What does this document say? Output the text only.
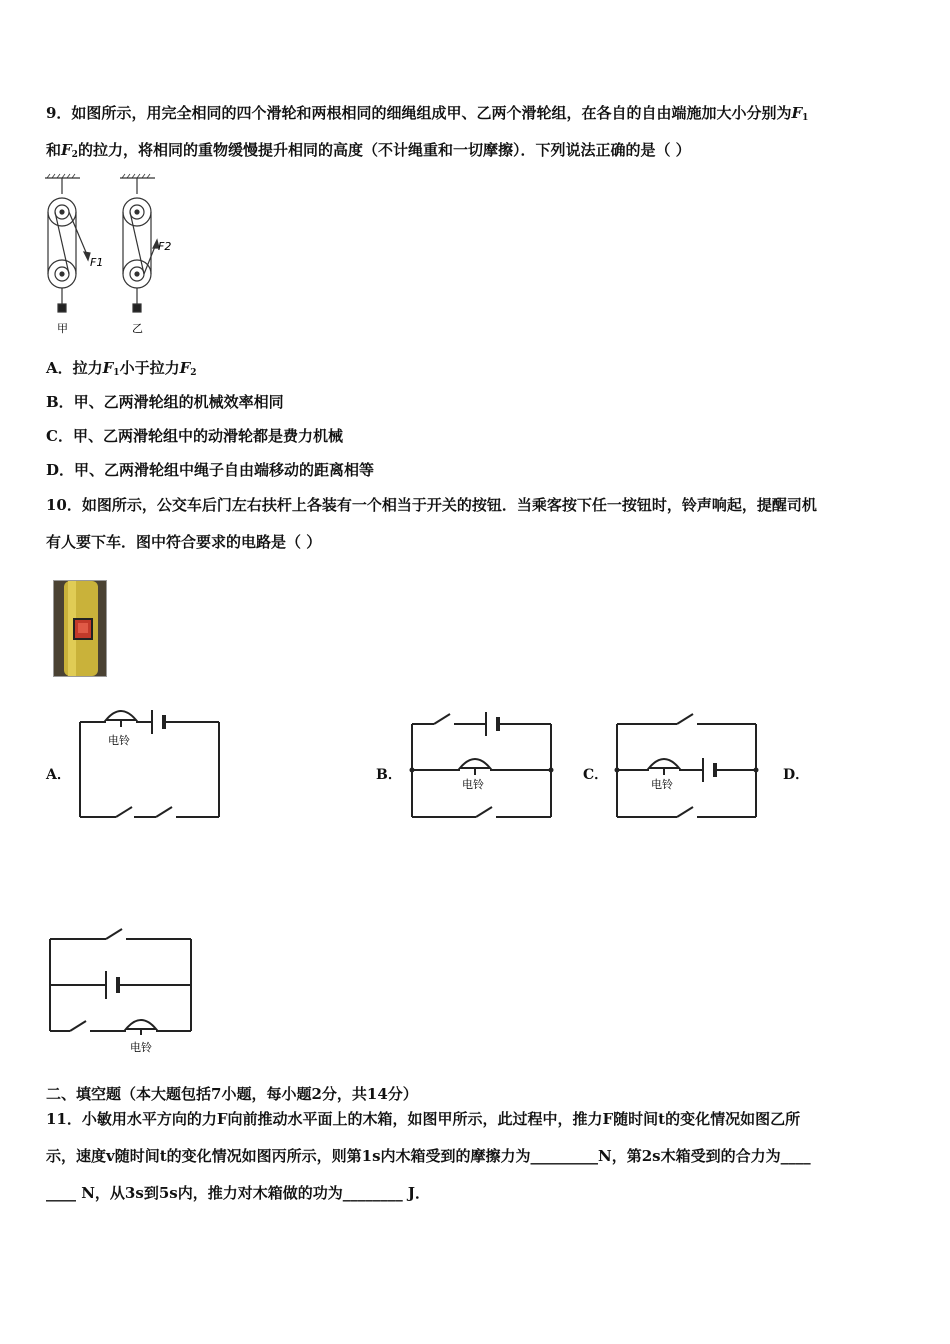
9．如图所示，用完全相同的四个滑轮和两根相同的细绳组成甲、乙两个滑轮组，在各自的自由端施加大小分别为$F_1$
和$F_2$的拉力，将相同的重物缓慢提升相同的高度（不计绳重和一切摩擦）．下列说法正确的是（ ）
F1
F2
甲	乙
A．拉力$F_1$小于拉力$F_2$
B．甲、乙两滑轮组的机械效率相同
C．甲、乙两滑轮组中的动滑轮都是费力机械
D．甲、乙两滑轮组中绳子自由端移动的距离相等
10．如图所示，公交车后门左右扶杆上各装有一个相当于开关的按钮．当乘客按下任一按钮时，铃声响起，提醒司机
有人要下车．图中符合要求的电路是（ ）
A．	B．	C．	D．
电铃
电铃	电铃
电铃
二、填空题（本大题包括7小题，每小题2分，共14分）
11．小敏用水平方向的力F向前推动水平面上的木箱，如图甲所示，此过程中，推力F随时间t的变化情况如图乙所
示，速度v随时间t的变化情况如图丙所示，则第1s内木箱受到的摩擦力为_________N，第2s木箱受到的合力为____
____ N，从3s到5s内，推力对木箱做的功为________ J．
